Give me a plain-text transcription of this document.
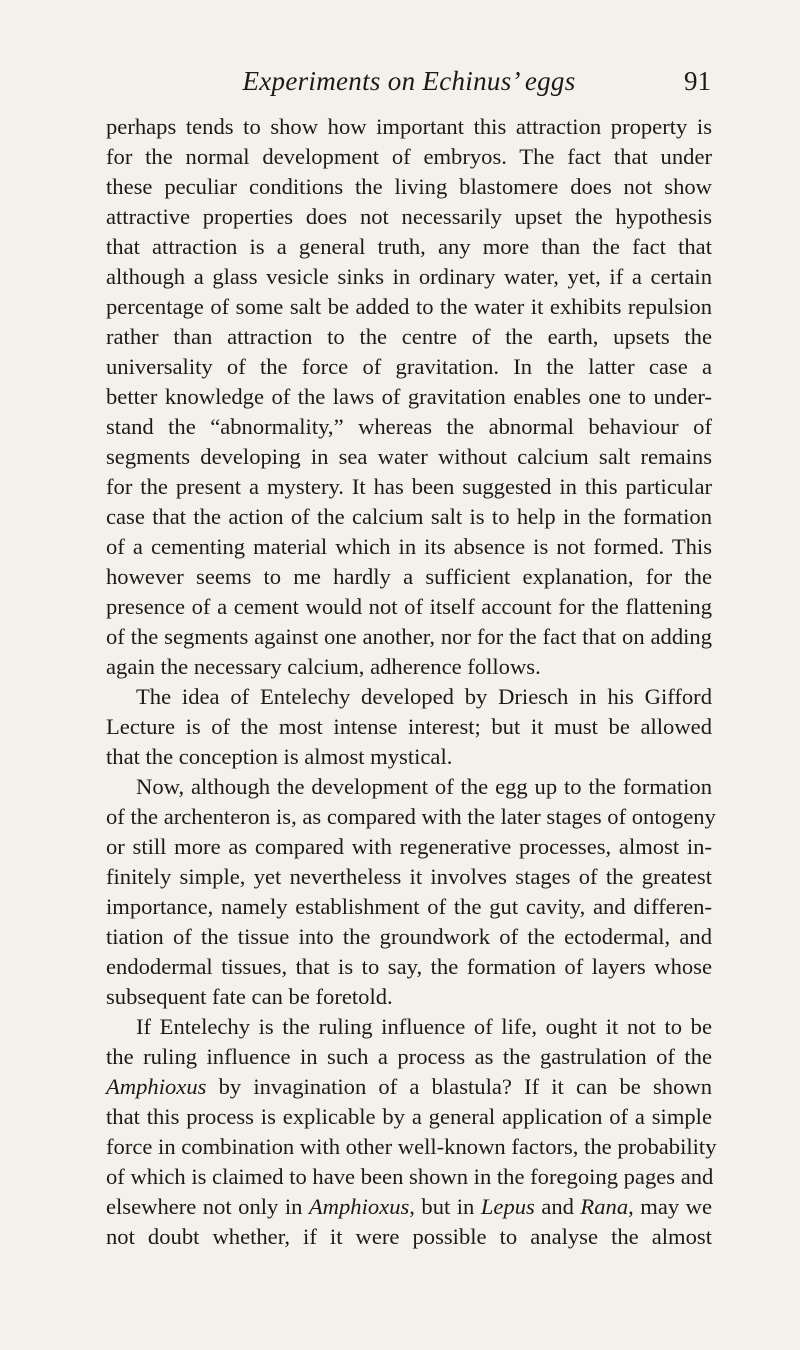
Experiments on Echinus’ eggs	91
perhaps tends to show how important this attraction property is
for the normal development of embryos. The fact that under
these peculiar conditions the living blastomere does not show
attractive properties does not necessarily upset the hypothesis
that attraction is a general truth, any more than the fact that
although a glass vesicle sinks in ordinary water, yet, if a certain
percentage of some salt be added to the water it exhibits repulsion
rather than attraction to the centre of the earth, upsets the
universality of the force of gravitation. In the latter case a
better knowledge of the laws of gravitation enables one to under-
stand the “abnormality,” whereas the abnormal behaviour of
segments developing in sea water without calcium salt remains
for the present a mystery. It has been suggested in this particular
case that the action of the calcium salt is to help in the formation
of a cementing material which in its absence is not formed. This
however seems to me hardly a sufficient explanation, for the
presence of a cement would not of itself account for the flattening
of the segments against one another, nor for the fact that on adding
again the necessary calcium, adherence follows.
The idea of Entelechy developed by Driesch in his Gifford
Lecture is of the most intense interest; but it must be allowed
that the conception is almost mystical.
Now, although the development of the egg up to the formation
of the archenteron is, as compared with the later stages of ontogeny
or still more as compared with regenerative processes, almost in-
finitely simple, yet nevertheless it involves stages of the greatest
importance, namely establishment of the gut cavity, and differen-
tiation of the tissue into the groundwork of the ectodermal, and
endodermal tissues, that is to say, the formation of layers whose
subsequent fate can be foretold.
If Entelechy is the ruling influence of life, ought it not to be
the ruling influence in such a process as the gastrulation of the
Amphioxus by invagination of a blastula? If it can be shown
that this process is explicable by a general application of a simple
force in combination with other well-known factors, the probability
of which is claimed to have been shown in the foregoing pages and
elsewhere not only in Amphioxus, but in Lepus and Rana, may we
not doubt whether, if it were possible to analyse the almost
